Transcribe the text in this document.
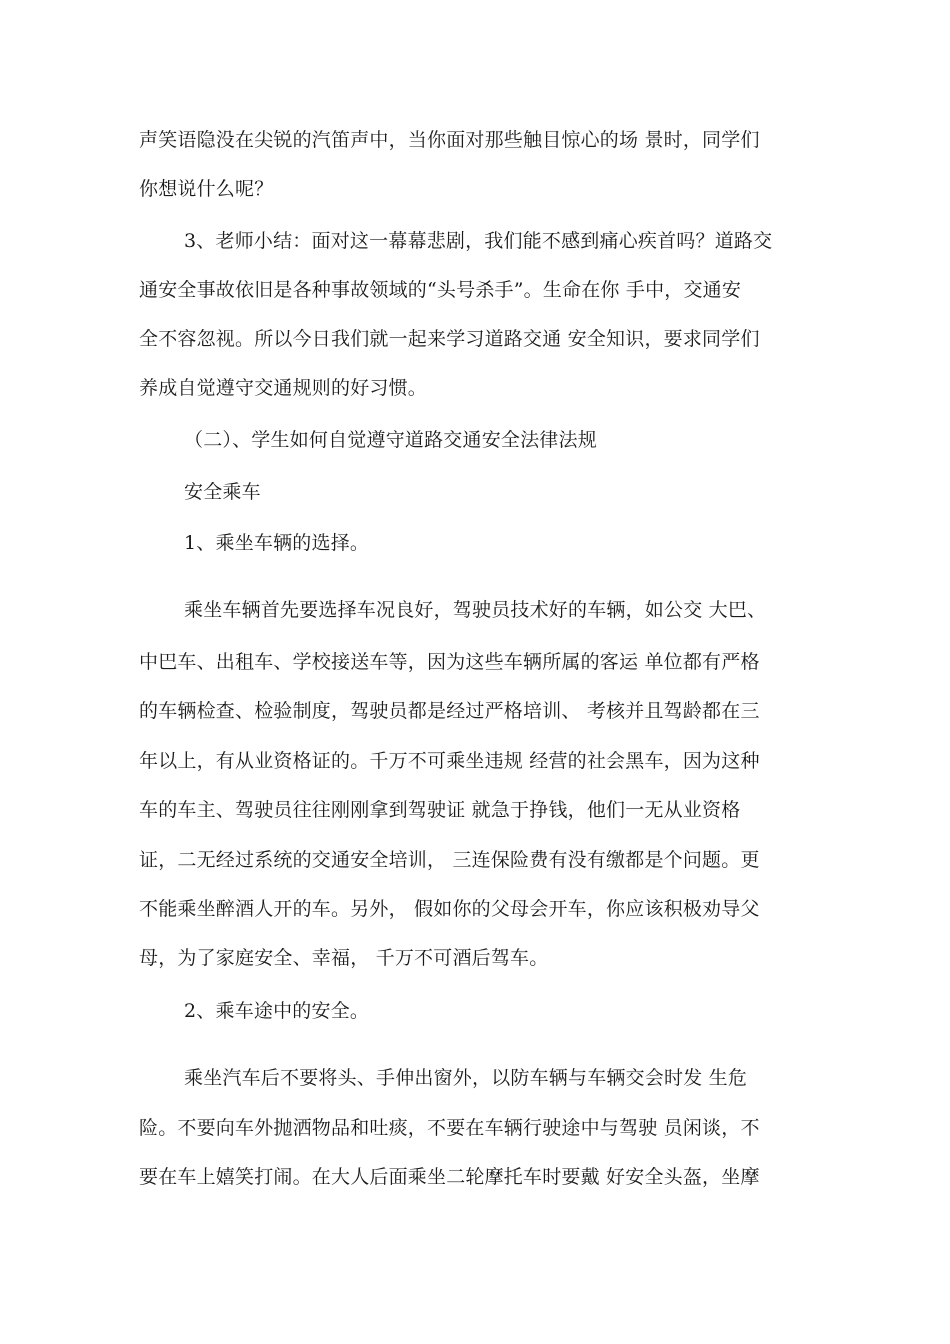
声笑语隐没在尖锐的汽笛声中，当你面对那些触目惊心的场 景时，同学们
你想说什么呢？
3、老师小结：面对这一幕幕悲剧，我们能不感到痛心疾首吗？道路交
通安全事故依旧是各种事故领域的“头号杀手”。生命在你 手中，交通安
全不容忽视。所以今日我们就一起来学习道路交通 安全知识，要求同学们
养成自觉遵守交通规则的好习惯。
（二）、学生如何自觉遵守道路交通安全法律法规
安全乘车
1、乘坐车辆的选择。
乘坐车辆首先要选择车况良好，驾驶员技术好的车辆，如公交 大巴、
中巴车、出租车、学校接送车等，因为这些车辆所属的客运 单位都有严格
的车辆检查、检验制度，驾驶员都是经过严格培训、 考核并且驾龄都在三
年以上，有从业资格证的。千万不可乘坐违规 经营的社会黑车，因为这种
车的车主、驾驶员往往刚刚拿到驾驶证 就急于挣钱，他们一无从业资格
证，二无经过系统的交通安全培训， 三连保险费有没有缴都是个问题。更
不能乘坐醉酒人开的车。另外， 假如你的父母会开车，你应该积极劝导父
母，为了家庭安全、幸福， 千万不可酒后驾车。
2、乘车途中的安全。
乘坐汽车后不要将头、手伸出窗外，以防车辆与车辆交会时发 生危
险。不要向车外抛洒物品和吐痰，不要在车辆行驶途中与驾驶 员闲谈，不
要在车上嬉笑打闹。在大人后面乘坐二轮摩托车时要戴 好安全头盔，坐摩
